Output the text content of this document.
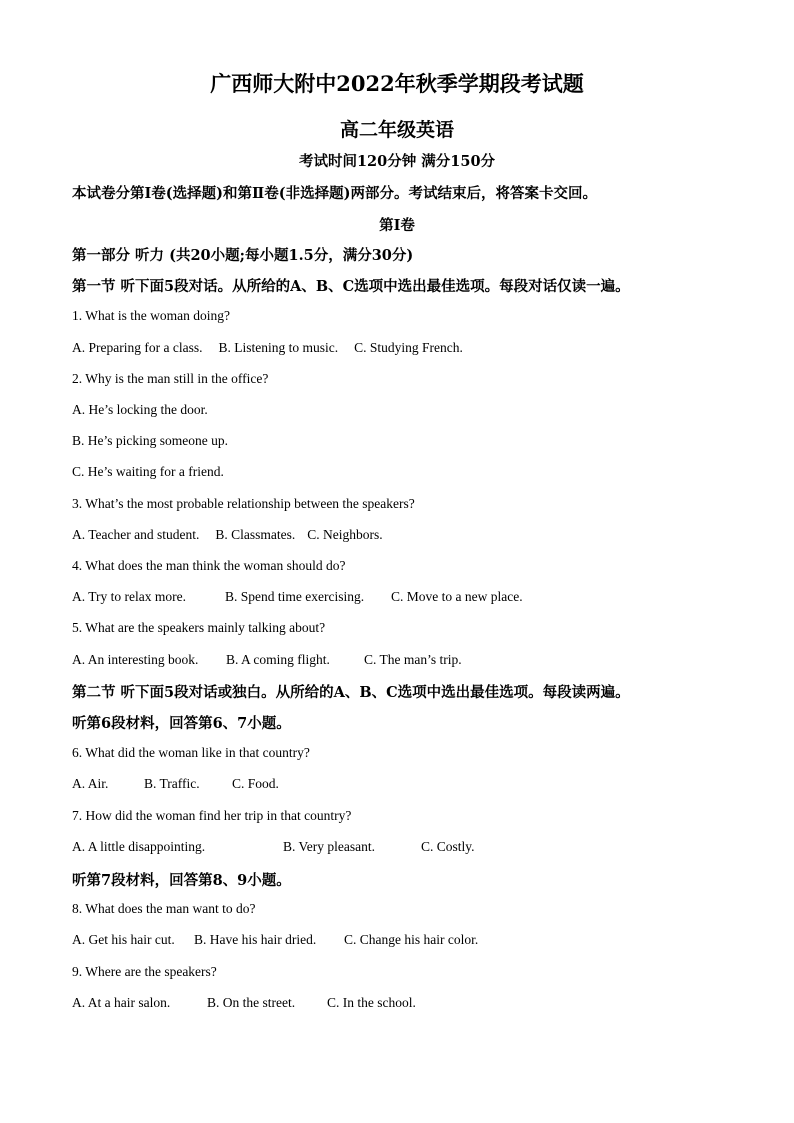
广西师大附中2022年秋季学期段考试题
高二年级英语
考试时间120分钟 满分150分
本试卷分第Ⅰ卷(选择题)和第Ⅱ卷(非选择题)两部分。考试结束后，将答案卡交回。
第Ⅰ卷
第一部分 听力 (共20小题;每小题1.5分，满分30分)
第一节 听下面5段对话。从所给的A、B、C选项中选出最佳选项。每段对话仅读一遍。
1. What is the woman doing?
A. Preparing for a class. B. Listening to music. C. Studying French.
2. Why is the man still in the office?
A. He’s locking the door.
B. He’s picking someone up.
C. He’s waiting for a friend.
3. What’s the most probable relationship between the speakers?
A. Teacher and student. B. Classmates. C. Neighbors.
4. What does the man think the woman should do?
A. Try to relax more.	B. Spend time exercising. C. Move to a new place.
5. What are the speakers mainly talking about?
A. An interesting book. B. A coming flight.	C. The man’s trip.
第二节 听下面5段对话或独白。从所给的A、B、C选项中选出最佳选项。每段读两遍。
听第6段材料，回答第6、7小题。
6. What did the woman like in that country?
A. Air.	B. Traffic. C. Food.
7. How did the woman find her trip in that country?
A. A little disappointing.	B. Very pleasant.	C. Costly.
听第7段材料，回答第8、9小题。
8. What does the man want to do?
A. Get his hair cut. B. Have his hair dried. C. Change his hair color.
9. Where are the speakers?
A. At a hair salon.	B. On the street. C. In the school.
